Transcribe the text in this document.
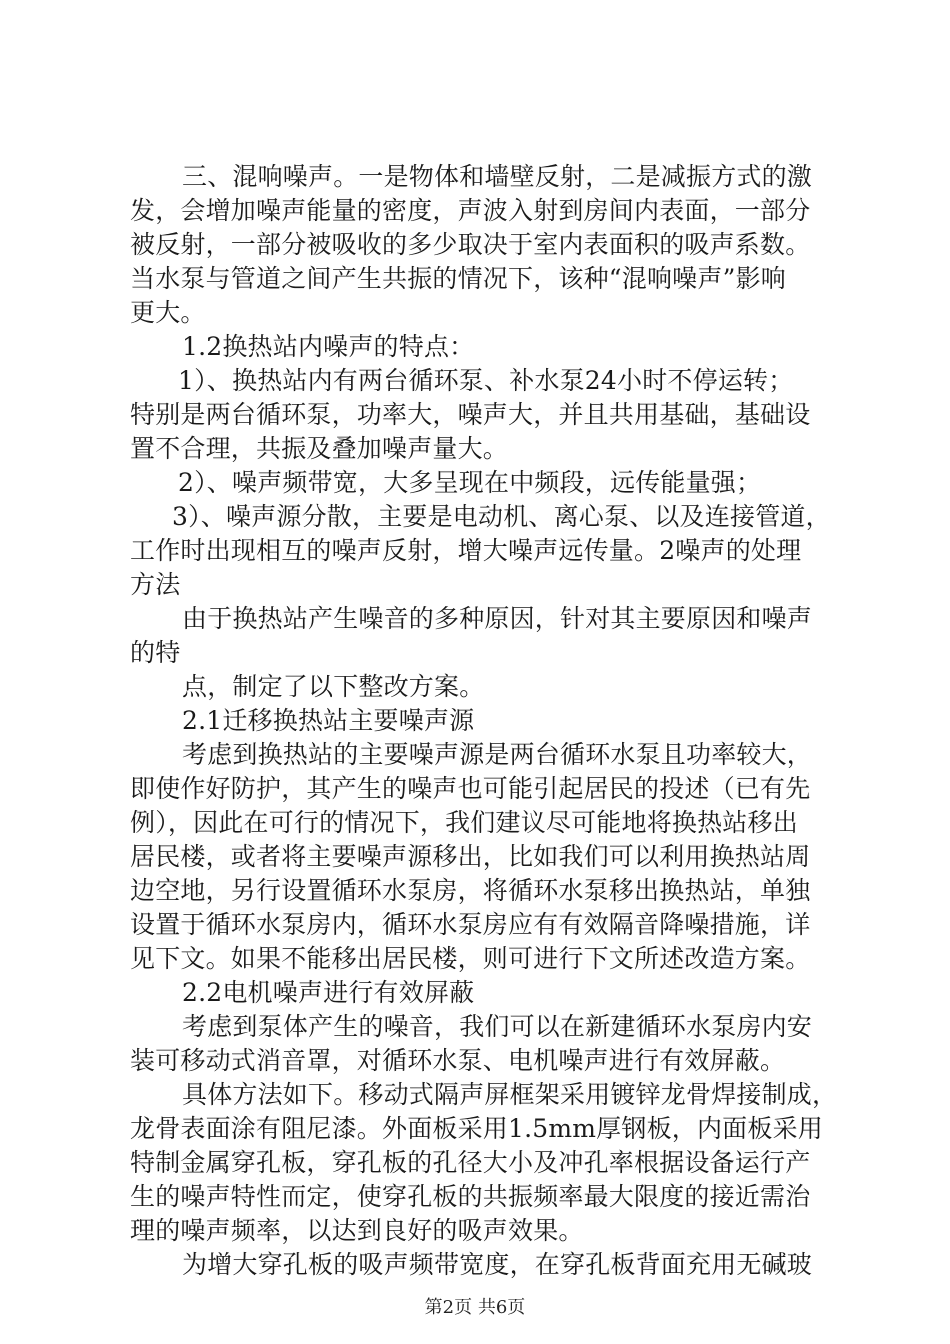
三、混响噪声。一是物体和墙壁反射，二是减振方式的激
发，会增加噪声能量的密度，声波入射到房间内表面，一部分
被反射，一部分被吸收的多少取决于室内表面积的吸声系数。
当水泵与管道之间产生共振的情况下，该种“混响噪声”影响
更大。
1.2换热站内噪声的特点：
1）、换热站内有两台循环泵、补水泵24小时不停运转；
特别是两台循环泵，功率大，噪声大，并且共用基础，基础设
置不合理，共振及叠加噪声量大。
2）、噪声频带宽，大多呈现在中频段，远传能量强；
3）、噪声源分散，主要是电动机、离心泵、以及连接管道，
工作时出现相互的噪声反射，增大噪声远传量。2噪声的处理
方法
由于换热站产生噪音的多种原因，针对其主要原因和噪声
的特
点，制定了以下整改方案。
2.1迁移换热站主要噪声源
考虑到换热站的主要噪声源是两台循环水泵且功率较大，
即使作好防护，其产生的噪声也可能引起居民的投述（已有先
例），因此在可行的情况下，我们建议尽可能地将换热站移出
居民楼，或者将主要噪声源移出，比如我们可以利用换热站周
边空地，另行设置循环水泵房，将循环水泵移出换热站，单独
设置于循环水泵房内，循环水泵房应有有效隔音降噪措施，详
见下文。如果不能移出居民楼，则可进行下文所述改造方案。
2.2电机噪声进行有效屏蔽
考虑到泵体产生的噪音，我们可以在新建循环水泵房内安
装可移动式消音罩，对循环水泵、电机噪声进行有效屏蔽。
具体方法如下。移动式隔声屏框架采用镀锌龙骨焊接制成，
龙骨表面涂有阻尼漆。外面板采用1.5mm厚钢板，内面板采用
特制金属穿孔板，穿孔板的孔径大小及冲孔率根据设备运行产
生的噪声特性而定，使穿孔板的共振频率最大限度的接近需治
理的噪声频率，以达到良好的吸声效果。
为增大穿孔板的吸声频带宽度，在穿孔板背面充用无碱玻
第2页 共6页
